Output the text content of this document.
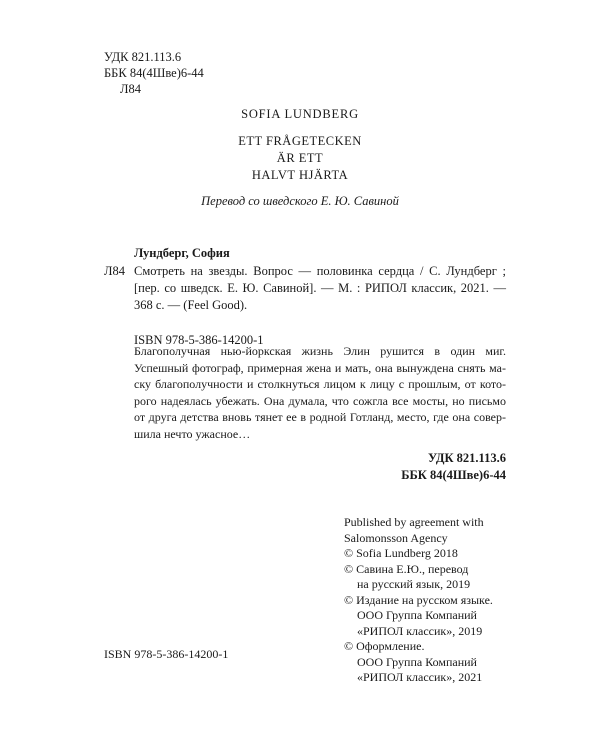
УДК 821.113.6
ББК 84(4Шве)6-44
Л84
SOFIA LUNDBERG
ETT FRÅGETECKEN
ÄR ETT
HALVT HJÄRTA
Перевод со шведского Е. Ю. Савиной
Лундберг, София
Л84 Смотреть на звезды. Вопрос — половинка сердца / С. Лундберг ; [пер. со шведск. Е. Ю. Савиной]. — М. : РИПОЛ классик, 2021. — 368 с. — (Feel Good).
ISBN 978-5-386-14200-1
Благополучная нью-йоркская жизнь Элин рушится в один миг.
Успешный фотограф, примерная жена и мать, она вынуждена снять ма-
ску благополучности и столкнуться лицом к лицу с прошлым, от кото-
рого надеялась убежать. Она думала, что сожгла все мосты, но письмо
от друга детства вновь тянет ее в родной Готланд, место, где она совер-
шила нечто ужасное…
УДК 821.113.6
ББК 84(4Шве)6-44
Published by agreement with
Salomonsson Agency
© Sofia Lundberg 2018
© Савина Е.Ю., перевод
на русский язык, 2019
© Издание на русском языке.
ООО Группа Компаний
«РИПОЛ классик», 2019
© Оформление.
ООО Группа Компаний
«РИПОЛ классик», 2021
ISBN 978-5-386-14200-1
